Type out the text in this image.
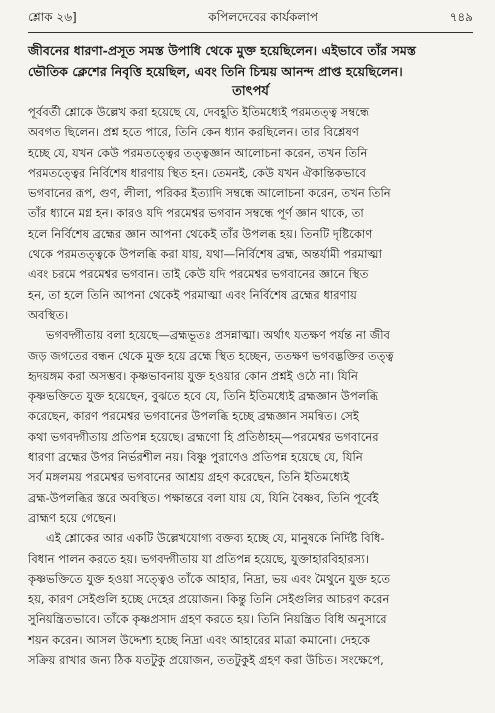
শ্লোক ২৬]	কপিলদেবের কার্যকলাপ	৭৪৯
জীবনের ধারণা-প্রসূত সমস্ত উপাধি থেকে মুক্ত হয়েছিলেন। এইভাবে তাঁর সমস্ত
ভৌতিক ক্লেশের নিবৃত্তি হয়েছিল, এবং তিনি চিন্ময় আনন্দ প্রাপ্ত হয়েছিলেন।
তাৎপর্য
পূর্ববর্তী শ্লোকে উল্লেখ করা হয়েছে যে, দেবহূতি ইতিমধ্যেই পরমতত্ত্ব সম্বন্ধে
অবগত ছিলেন। প্রশ্ন হতে পারে, তিনি কেন ধ্যান করছিলেন। তার বিশ্লেষণ
হচ্ছে যে, যখন কেউ পরমতত্ত্বের তত্ত্বজ্ঞান আলোচনা করেন, তখন তিনি
পরমতত্ত্বের নির্বিশেষ ধারণায় স্থিত হন। তেমনই, কেউ যখন ঐকান্তিকভাবে
ভগবানের রূপ, গুণ, লীলা, পরিকর ইত্যাদি সম্বন্ধে আলোচনা করেন, তখন তিনি
তাঁর ধ্যানে মগ্ন হন। কারও যদি পরমেশ্বর ভগবান সম্বন্ধে পূর্ণ জ্ঞান থাকে, তা
হলে নির্বিশেষ ব্রহ্মের জ্ঞান আপনা থেকেই তাঁর উপলব্ধ হয়। তিনটি দৃষ্টিকোণ
থেকে পরমতত্ত্বকে উপলব্ধি করা যায়, যথা—নির্বিশেষ ব্রহ্ম, অন্তর্যামী পরমাত্মা
এবং চরমে পরমেশ্বর ভগবান। তাই কেউ যদি পরমেশ্বর ভগবানের জ্ঞানে স্থিত
হন, তা হলে তিনি আপনা থেকেই পরমাত্মা এবং নির্বিশেষ ব্রহ্মের ধারণায়
অবস্থিত।
ভগবদ্গীতায় বলা হয়েছে—ব্রহ্মভূতঃ প্রসন্নাত্মা। অর্থাৎ যতক্ষণ পর্যন্ত না জীব
জড় জগতের বন্ধন থেকে মুক্ত হয়ে ব্রহ্মে স্থিত হচ্ছেন, ততক্ষণ ভগবদ্ভক্তির তত্ত্ব
হৃদয়ঙ্গম করা অসম্ভব। কৃষ্ণভাবনায় যুক্ত হওয়ার কোন প্রশ্নই ওঠে না। যিনি
কৃষ্ণভক্তিতে যুক্ত হয়েছেন, বুঝতে হবে যে, তিনি ইতিমধ্যেই ব্রহ্মজ্ঞান উপলব্ধি
করেছেন, কারণ পরমেশ্বর ভগবানের উপলব্ধি হচ্ছে ব্রহ্মজ্ঞান সমন্বিত। সেই
কথা ভগবদ্গীতায় প্রতিপন্ন হয়েছে। ব্রহ্মণো হি প্রতিষ্ঠাহম্—পরমেশ্বর ভগবানের
ধারণা ব্রহ্মের উপর নির্ভরশীল নয়। বিষ্ণু পুরাণেও প্রতিপন্ন হয়েছে যে, যিনি
সর্ব মঙ্গলময় পরমেশ্বর ভগবানের আশ্রয় গ্রহণ করেছেন, তিনি ইতিমধ্যেই
ব্রহ্ম-উপলব্ধির স্তরে অবস্থিত। পক্ষান্তরে বলা যায় যে, যিনি বৈষ্ণব, তিনি পূর্বেই
ব্রাহ্মণ হয়ে গেছেন।
এই শ্লোকের আর একটি উল্লেখযোগ্য বক্তব্য হচ্ছে যে, মানুষকে নির্দিষ্ট বিধি-
বিধান পালন করতে হয়। ভগবদ্গীতায় যা প্রতিপন্ন হয়েছে, যুক্তাহারবিহারস্য।
কৃষ্ণভক্তিতে যুক্ত হওয়া সত্ত্বেও তাঁকে আহার, নিদ্রা, ভয় এবং মৈথুনে যুক্ত হতে
হয়, কারণ সেইগুলি হচ্ছে দেহের প্রয়োজন। কিন্তু তিনি সেইগুলির আচরণ করেন
সুনিয়ন্ত্রিতভাবে। তাঁকে কৃষ্ণপ্রসাদ গ্রহণ করতে হয়। তিনি নিয়ন্ত্রিত বিধি অনুসারে
শয়ন করেন। আসল উদ্দেশ্য হচ্ছে নিদ্রা এবং আহারের মাত্রা কমানো। দেহকে
সক্রিয় রাখার জন্য ঠিক যতটুকু প্রয়োজন, ততটুকুই গ্রহণ করা উচিত। সংক্ষেপে,
